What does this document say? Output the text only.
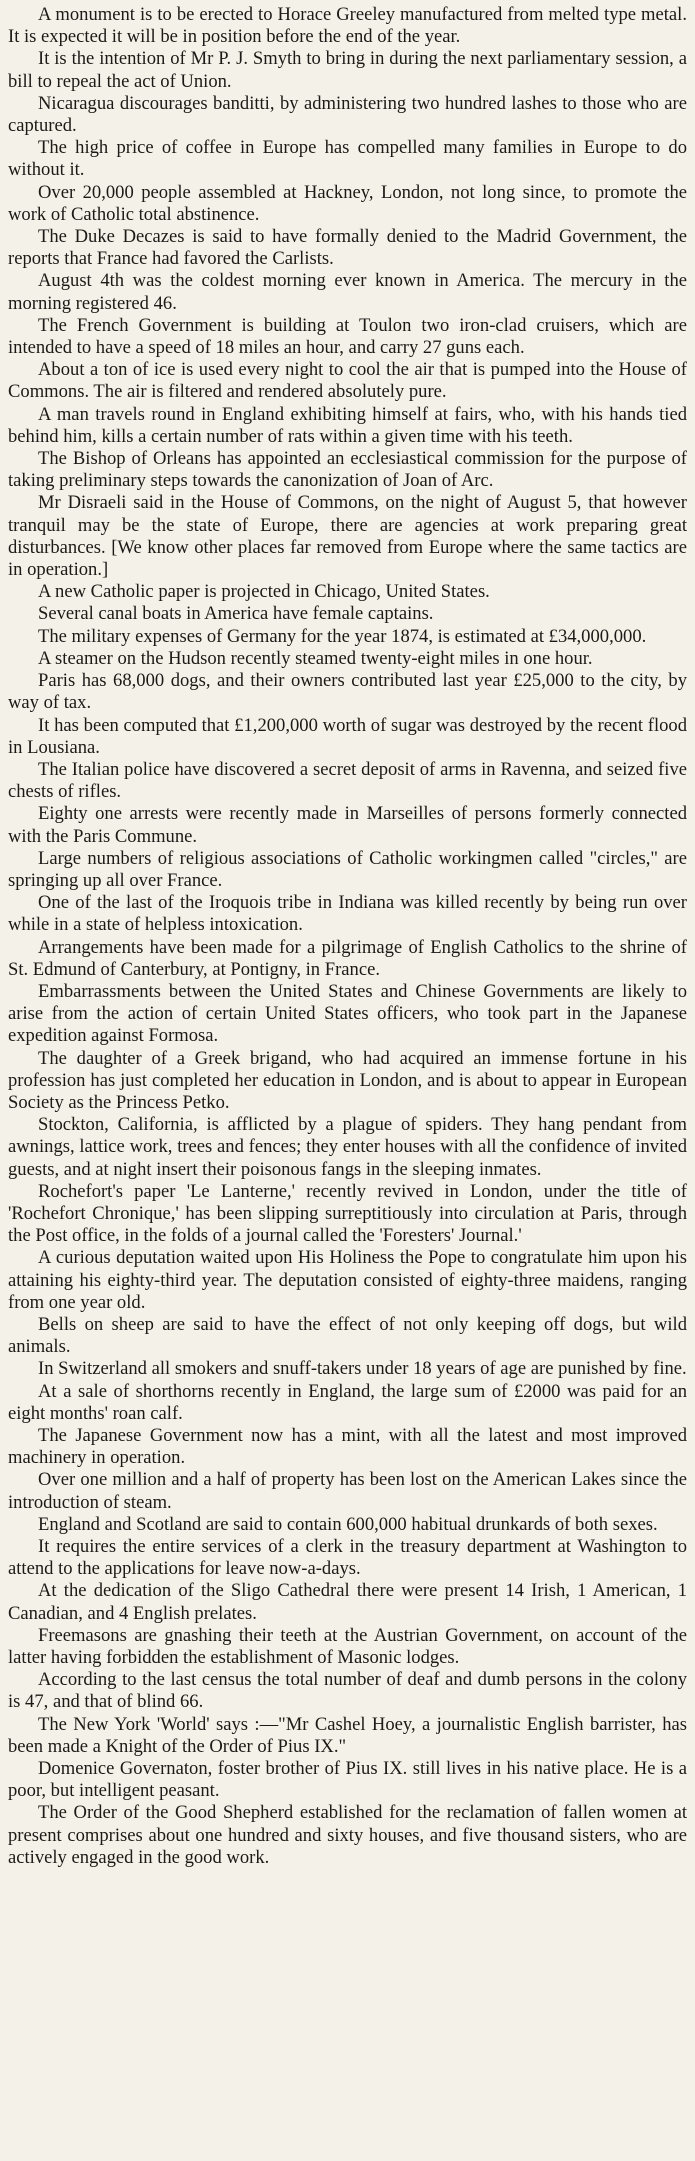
A monument is to be erected to Horace Greeley manufactured from melted type metal. It is expected it will be in position before the end of the year.

It is the intention of Mr P. J. Smyth to bring in during the next parliamentary session, a bill to repeal the act of Union.

Nicaragua discourages banditti, by administering two hundred lashes to those who are captured.

The high price of coffee in Europe has compelled many families in Europe to do without it.

Over 20,000 people assembled at Hackney, London, not long since, to promote the work of Catholic total abstinence.

The Duke Decazes is said to have formally denied to the Madrid Government, the reports that France had favored the Carlists.

August 4th was the coldest morning ever known in America. The mercury in the morning registered 46.

The French Government is building at Toulon two iron-clad cruisers, which are intended to have a speed of 18 miles an hour, and carry 27 guns each.

About a ton of ice is used every night to cool the air that is pumped into the House of Commons. The air is filtered and rendered absolutely pure.

A man travels round in England exhibiting himself at fairs, who, with his hands tied behind him, kills a certain number of rats within a given time with his teeth.

The Bishop of Orleans has appointed an ecclesiastical commission for the purpose of taking preliminary steps towards the canonization of Joan of Arc.

Mr Disraeli said in the House of Commons, on the night of August 5, that however tranquil may be the state of Europe, there are agencies at work preparing great disturbances. [We know other places far removed from Europe where the same tactics are in operation.]

A new Catholic paper is projected in Chicago, United States.

Several canal boats in America have female captains.

The military expenses of Germany for the year 1874, is estimated at £34,000,000.

A steamer on the Hudson recently steamed twenty-eight miles in one hour.

Paris has 68,000 dogs, and their owners contributed last year £25,000 to the city, by way of tax.

It has been computed that £1,200,000 worth of sugar was destroyed by the recent flood in Lousiana.

The Italian police have discovered a secret deposit of arms in Ravenna, and seized five chests of rifles.

Eighty one arrests were recently made in Marseilles of persons formerly connected with the Paris Commune.

Large numbers of religious associations of Catholic workingmen called "circles," are springing up all over France.

One of the last of the Iroquois tribe in Indiana was killed recently by being run over while in a state of helpless intoxication.

Arrangements have been made for a pilgrimage of English Catholics to the shrine of St. Edmund of Canterbury, at Pontigny, in France.

Embarrassments between the United States and Chinese Governments are likely to arise from the action of certain United States officers, who took part in the Japanese expedition against Formosa.

The daughter of a Greek brigand, who had acquired an immense fortune in his profession has just completed her education in London, and is about to appear in European Society as the Princess Petko.

Stockton, California, is afflicted by a plague of spiders. They hang pendant from awnings, lattice work, trees and fences; they enter houses with all the confidence of invited guests, and at night insert their poisonous fangs in the sleeping inmates.

Rochefort's paper 'Le Lanterne,' recently revived in London, under the title of 'Rochefort Chronique,' has been slipping surreptitiously into circulation at Paris, through the Post office, in the folds of a journal called the 'Foresters' Journal.'

A curious deputation waited upon His Holiness the Pope to congratulate him upon his attaining his eighty-third year. The deputation consisted of eighty-three maidens, ranging from one year old.

Bells on sheep are said to have the effect of not only keeping off dogs, but wild animals.

In Switzerland all smokers and snuff-takers under 18 years of age are punished by fine.

At a sale of shorthorns recently in England, the large sum of £2000 was paid for an eight months' roan calf.

The Japanese Government now has a mint, with all the latest and most improved machinery in operation.

Over one million and a half of property has been lost on the American Lakes since the introduction of steam.

England and Scotland are said to contain 600,000 habitual drunkards of both sexes.

It requires the entire services of a clerk in the treasury department at Washington to attend to the applications for leave now-a-days.

At the dedication of the Sligo Cathedral there were present 14 Irish, 1 American, 1 Canadian, and 4 English prelates.

Freemasons are gnashing their teeth at the Austrian Government, on account of the latter having forbidden the establishment of Masonic lodges.

According to the last census the total number of deaf and dumb persons in the colony is 47, and that of blind 66.

The New York 'World' says :—"Mr Cashel Hoey, a journalistic English barrister, has been made a Knight of the Order of Pius IX."

Domenice Governaton, foster brother of Pius IX. still lives in his native place. He is a poor, but intelligent peasant.

The Order of the Good Shepherd established for the reclamation of fallen women at present comprises about one hundred and sixty houses, and five thousand sisters, who are actively engaged in the good work.
